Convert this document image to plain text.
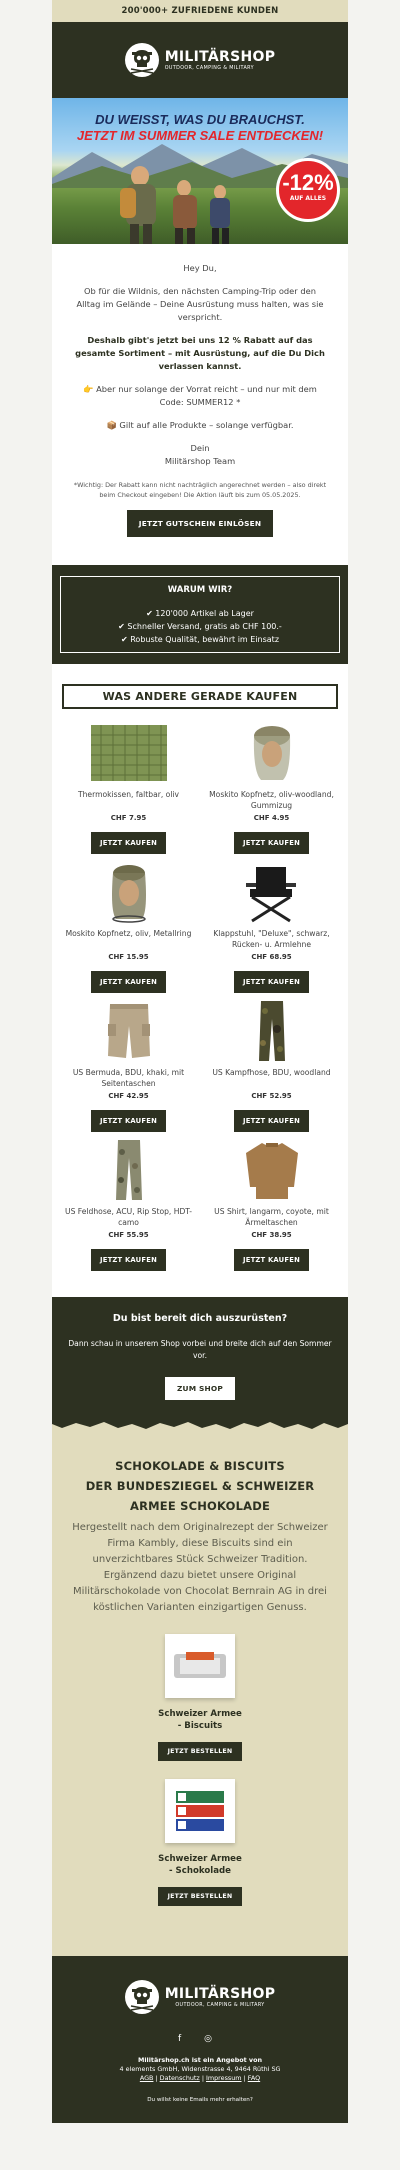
200'000+ ZUFRIEDENE KUNDEN
MILITÄRSHOP
OUTDOOR, CAMPING & MILITARY
DU WEISST, WAS DU BRAUCHST.
JETZT IM SUMMER SALE ENTDECKEN!
-12%
AUF ALLES

Hey Du,

Ob für die Wildnis, den nächsten Camping-Trip oder den Alltag im Gelände – Deine Ausrüstung muss halten, was sie verspricht.

Deshalb gibt's jetzt bei uns 12 % Rabatt auf das gesamte Sortiment – mit Ausrüstung, auf die Du Dich verlassen kannst.

👉 Aber nur solange der Vorrat reicht – und nur mit dem Code: SUMMER12 *

📦 Gilt auf alle Produkte – solange verfügbar.

Dein
Militärshop Team

*Wichtig: Der Rabatt kann nicht nachträglich angerechnet werden – also direkt beim Checkout eingeben! Die Aktion läuft bis zum 05.05.2025.

JETZT GUTSCHEIN EINLÖSEN
WARUM WIR?
✔ 120'000 Artikel ab Lager
✔ Schneller Versand, gratis ab CHF 100.-
✔ Robuste Qualität, bewährt im Einsatz
WAS ANDERE GERADE KAUFEN
Thermokissen, faltbar, oliv
CHF 7.95
JETZT KAUFEN
Moskito Kopfnetz, oliv-woodland, Gummizug
CHF 4.95
JETZT KAUFEN
Moskito Kopfnetz, oliv, Metallring
CHF 15.95
JETZT KAUFEN
Klappstuhl, "Deluxe", schwarz, Rücken- u. Armlehne
CHF 68.95
JETZT KAUFEN
US Bermuda, BDU, khaki, mit Seitentaschen
CHF 42.95
JETZT KAUFEN
US Kampfhose, BDU, woodland
CHF 52.95
JETZT KAUFEN
US Feldhose, ACU, Rip Stop, HDT-camo
CHF 55.95
JETZT KAUFEN
US Shirt, langarm, coyote, mit Ärmeltaschen
CHF 38.95
JETZT KAUFEN
Du bist bereit dich auszurüsten?
Dann schau in unserem Shop vorbei und breite dich auf den Sommer vor.
ZUM SHOP
SCHOKOLADE & BISCUITS
DER BUNDESZIEGEL & SCHWEIZER
ARMEE SCHOKOLADE

Hergestellt nach dem Originalrezept der Schweizer Firma Kambly, diese Biscuits sind ein unverzichtbares Stück Schweizer Tradition. Ergänzend dazu bietet unsere Original Militärschokolade von Chocolat Bernrain AG in drei köstlichen Varianten einzigartigen Genuss.

Schweizer Armee
- Biscuits
JETZT BESTELLEN
Schweizer Armee
- Schokolade
JETZT BESTELLEN
MILITÄRSHOP
OUTDOOR, CAMPING & MILITARY
f ◎
Militärshop.ch ist ein Angebot von
4 elements GmbH, Widenstrasse 4, 9464 Rüthi SG
AGB | Datenschutz | Impressum | FAQ
Du willst keine Emails mehr erhalten?
